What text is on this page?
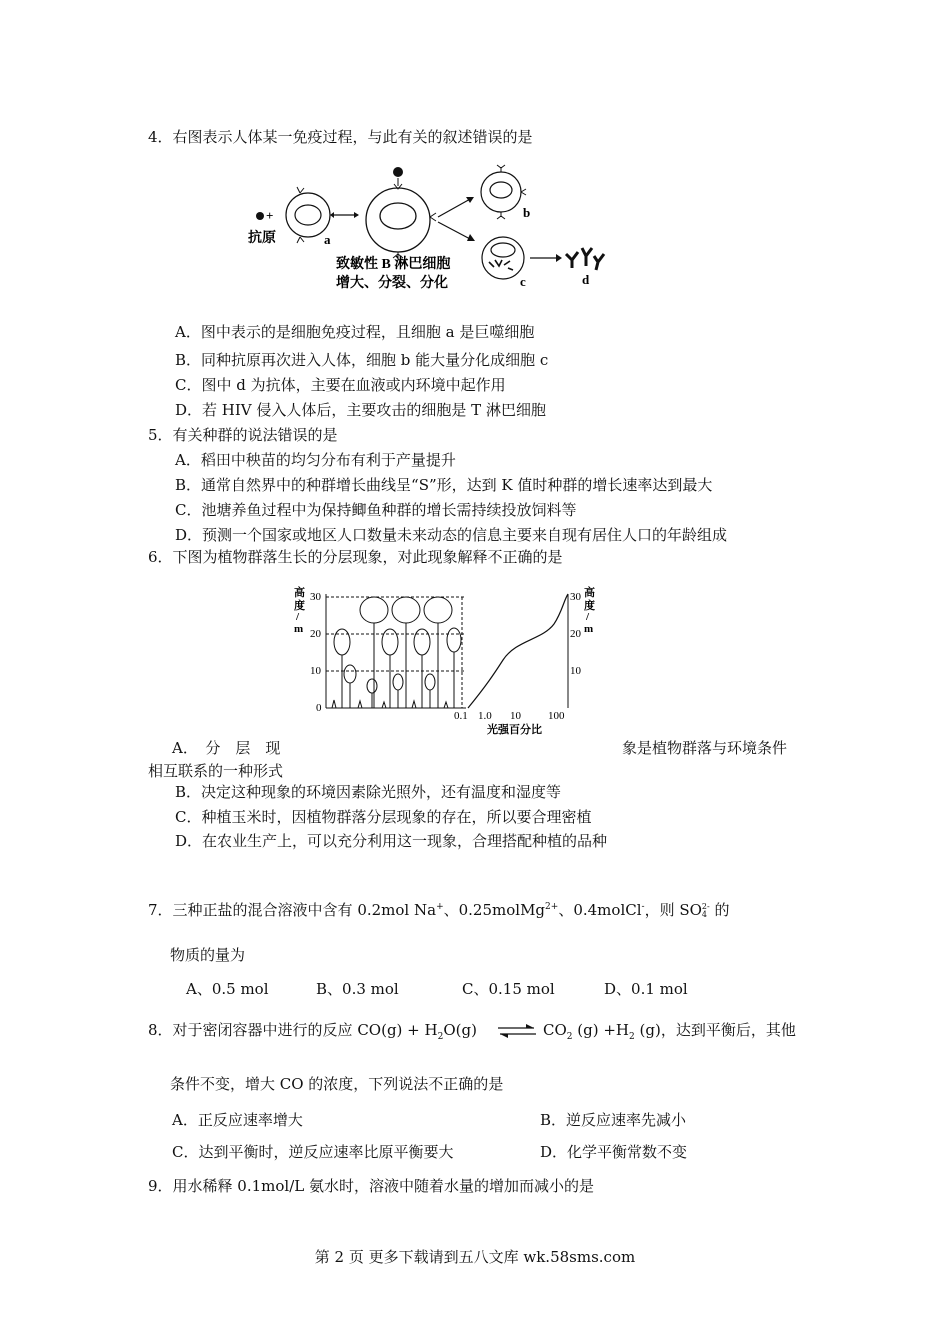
4．右图表示人体某一免疫过程，与此有关的叙述错误的是
+
抗原	a
b
c	d
致敏性 B 淋巴细胞
增大、分裂、分化
A．图中表示的是细胞免疫过程，且细胞 a 是巨噬细胞
B．同种抗原再次进入人体，细胞 b 能大量分化成细胞 c
C．图中 d 为抗体，主要在血液或内环境中起作用
D．若 HIV 侵入人体后，主要攻击的细胞是 T 淋巴细胞
5．有关种群的说法错误的是
A．稻田中秧苗的均匀分布有利于产量提升
B．通常自然界中的种群增长曲线呈“S”形，达到 K 值时种群的增长速率达到最大
C．池塘养鱼过程中为保持鲫鱼种群的增长需持续投放饲料等
D．预测一个国家或地区人口数量未来动态的信息主要来自现有居住人口的年龄组成
6．下图为植物群落生长的分层现象，对此现象解释不正确的是
高
度
/
m
30
20
10
0
30
20
10
高
度
/
m
0.1 1.0 10 100
光强百分比
A．　分　层　现	象是植物群落与环境条件
相互联系的一种形式
B．决定这种现象的环境因素除光照外，还有温度和湿度等
C．种植玉米时，因植物群落分层现象的存在，所以要合理密植
D．在农业生产上，可以充分利用这一现象，合理搭配种植的品种
7．三种正盐的混合溶液中含有 0.2mol Na+、0.25molMg$^{2+}$、0.4molCl-，则 SO2-
4 的
物质的量为
A、0.5 mol	B、0.3 mol	C、0.15 mol	D、0.1 mol
8．对于密闭容器中进行的反应 $CO(g) + H_2O(g)$ ⇌ $CO_2$ $(g) +H_2$ (g)，达到平衡后，其他
条件不变，增大 CO 的浓度，下列说法不正确的是
A．正反应速率增大	B．逆反应速率先减小
C．达到平衡时，逆反应速率比原平衡要大	D．化学平衡常数不变
9．用水稀释 0.1mol/L 氨水时，溶液中随着水量的增加而减小的是
第 2 页 更多下载请到五八文库 wk.58sms.com
